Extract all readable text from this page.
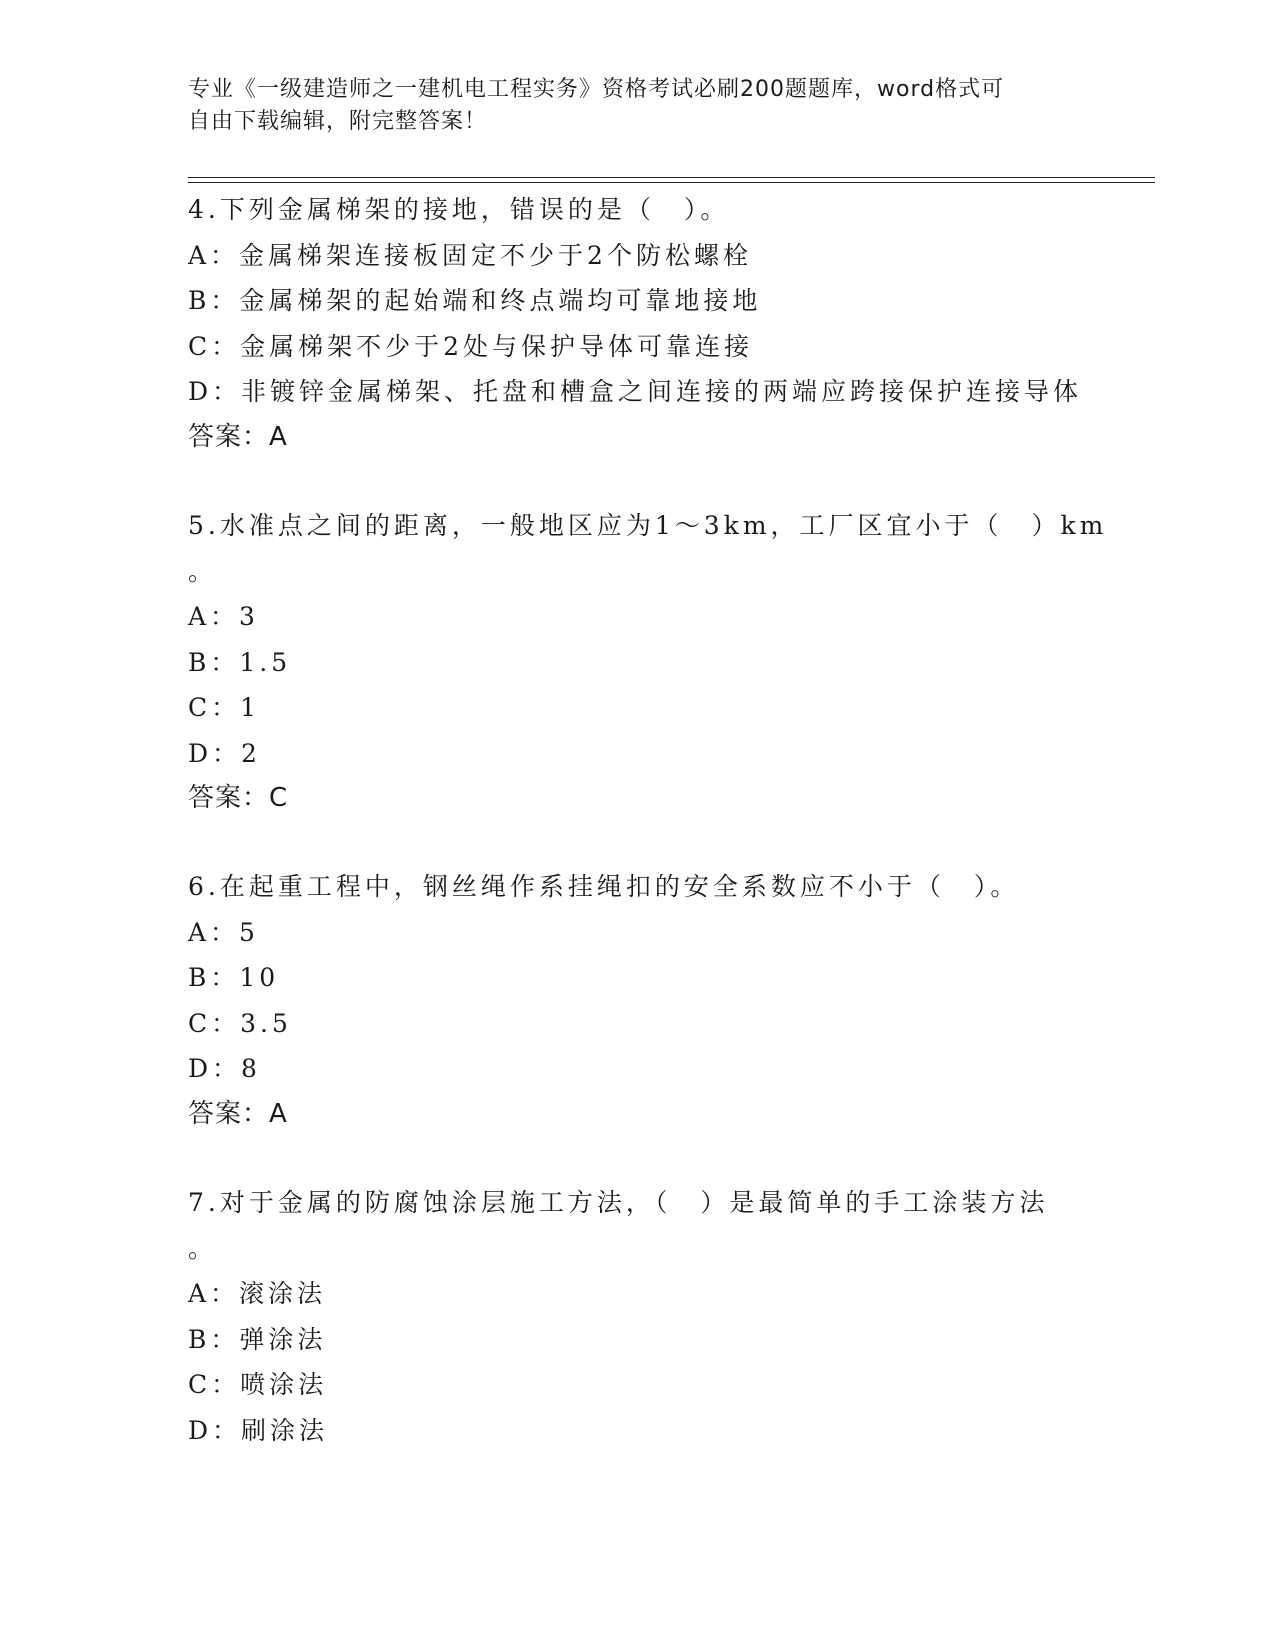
专业《一级建造师之一建机电工程实务》资格考试必刷200题题库，word格式可
自由下载编辑，附完整答案！
4.下列金属梯架的接地，错误的是（　）。
A：金属梯架连接板固定不少于2个防松螺栓
B：金属梯架的起始端和终点端均可靠地接地
C：金属梯架不少于2处与保护导体可靠连接
D：非镀锌金属梯架、托盘和槽盒之间连接的两端应跨接保护连接导体
答案：A
5.水准点之间的距离，一般地区应为1～3km，工厂区宜小于（　）km
。
A：3
B：1.5
C：1
D：2
答案：C
6.在起重工程中，钢丝绳作系挂绳扣的安全系数应不小于（　）。
A：5
B：10
C：3.5
D：8
答案：A
7.对于金属的防腐蚀涂层施工方法，（　）是最简单的手工涂装方法
。
A：滚涂法
B：弹涂法
C：喷涂法
D：刷涂法
